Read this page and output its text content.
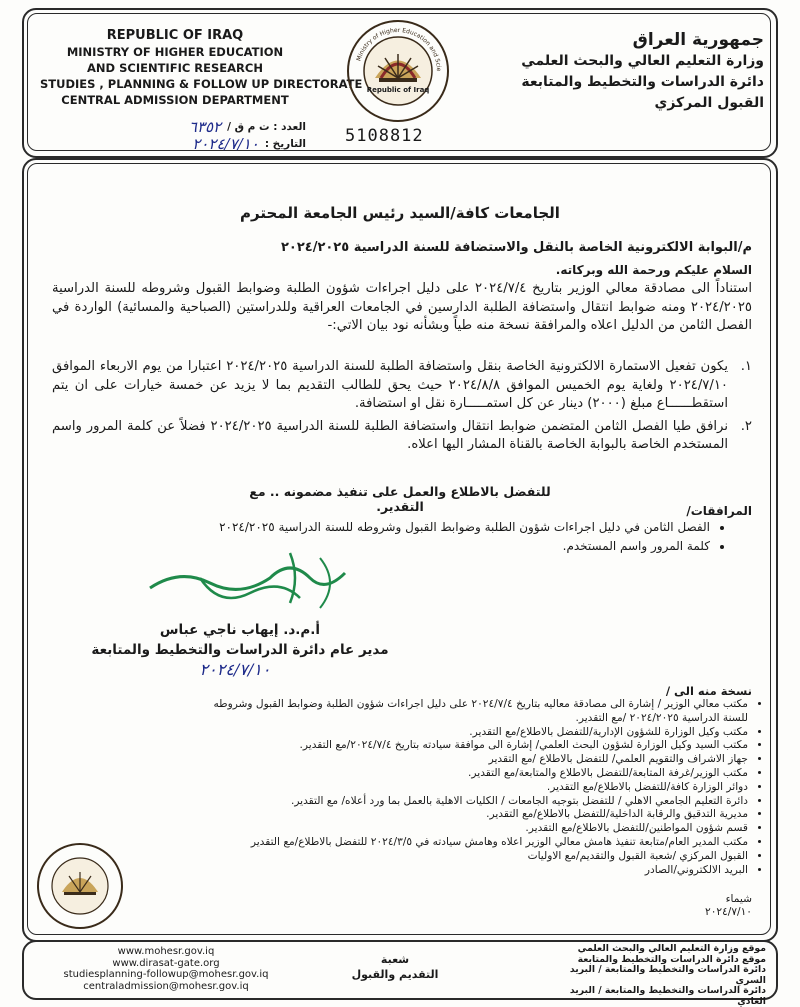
REPUBLIC OF IRAQ
MINISTRY OF HIGHER EDUCATION
AND SCIENTIFIC RESEARCH
STUDIES , PLANNING & FOLLOW UP DIRECTORATE
CENTRAL ADMISSION DEPARTMENT
Ministry of Higher Education and Scie
Republic of Iraq
جمهورية العراق
وزارة التعليم العالي والبحث العلمي
دائرة الدراسات والتخطيط والمتابعة
القبول المركزي
العدد : ت م ق /
٦٣٥٢
التاريخ :
٢٠٢٤/٧/١٠	5108812
الجامعات كافة/السيد رئيس الجامعة المحترم
م/البوابة الالكترونية الخاصة بالنقل والاستضافة للسنة الدراسية ٢٠٢٤/٢٠٢٥
السلام عليكم ورحمة الله وبركاته.
استناداً الى مصادقة معالي الوزير بتاريخ ٢٠٢٤/٧/٤ على دليل اجراءات شؤون الطلبة وضوابط القبول وشروطه للسنة الدراسية ٢٠٢٤/٢٠٢٥ ومنه ضوابط انتقال واستضافة الطلبة الدارسين في الجامعات العراقية وللدراستين (الصباحية والمسائية) الواردة في الفصل الثامن من الدليل اعلاه والمرافقة نسخة منه طياً وبشأنه نود بيان الاتي:-
١.
يكون تفعيل الاستمارة الالكترونية الخاصة بنقل واستضافة الطلبة للسنة الدراسية ٢٠٢٤/٢٠٢٥ اعتبارا من يوم الاربعاء الموافق ٢٠٢٤/٧/١٠ ولغاية يوم الخميس الموافق ٢٠٢٤/٨/٨ حيث يحق للطالب التقديم بما لا يزيد عن خمسة خيارات على ان يتم استقطــــــاع مبلغ (٢٠٠٠) دينار عن كل استمـــــارة نقل او استضافة.
٢.
نرافق طيا الفصل الثامن المتضمن ضوابط انتقال واستضافة الطلبة للسنة الدراسية ٢٠٢٤/٢٠٢٥ فضلاً عن كلمة المرور واسم المستخدم الخاصة بالبوابة الخاصة بالقناة المشار اليها اعلاه.
للتفضل بالاطلاع والعمل على تنفيذ مضمونه .. مع التقدير.	المرافقات/
• الفصل الثامن في دليل اجراءات شؤون الطلبة وضوابط القبول وشروطه للسنة الدراسية ٢٠٢٤/٢٠٢٥
• كلمة المرور واسم المستخدم.
أ.م.د. إيهاب ناجي عباس
مدير عام دائرة الدراسات والتخطيط والمتابعة
٢٠٢٤/٧/١٠
نسخة منه الى /
• مكتب معالي الوزير / إشارة الى مصادقة معاليه بتاريخ ٢٠٢٤/٧/٤ على دليل اجراءات شؤون الطلبة وضوابط القبول وشروطه
للسنة الدراسية ٢٠٢٤/٢٠٢٥ /مع التقدير.
• مكتب وكيل الوزارة للشؤون الإدارية/للتفضل بالاطلاع/مع التقدير.
• مكتب السيد وكيل الوزارة لشؤون البحث العلمي/ إشارة الى موافقة سيادته بتاريخ ٢٠٢٤/٧/٤/مع التقدير.
• جهاز الاشراف والتقويم العلمي/ للتفضل بالاطلاع /مع التقدير
• مكتب الوزير/غرفة المتابعة/للتفضل بالاطلاع والمتابعة/مع التقدير.
• دوائر الوزارة كافة/للتفضل بالاطلاع/مع التقدير.
• دائرة التعليم الجامعي الاهلي / للتفضل بتوجيه الجامعات / الكليات الاهلية بالعمل بما ورد أعلاه/ مع التقدير.
• مديرية التدقيق والرقابة الداخلية/للتفضل بالاطلاع/مع التقدير.
• قسم شؤون المواطنين/للتفضل بالاطلاع/مع التقدير.
• مكتب المدير العام/متابعة تنفيذ هامش معالي الوزير اعلاه وهامش سيادته في ٢٠٢٤/٣/٥ للتفضل بالاطلاع/مع التقدير
• القبول المركزي /شعبة القبول والتقديم/مع الاوليات
• البريد الالكتروني/الصادر
شيماء
٢٠٢٤/٧/١٠
www.mohesr.gov.iq
www.dirasat-gate.org
studiesplanning-followup@mohesr.gov.iq
centraladmission@mohesr.gov.iq
شعبة
التقديم والقبول
موقع وزارة التعليم العالي والبحث العلمي
موقع دائرة الدراسات والتخطيط والمتابعة
دائرة الدراسات والتخطيط والمتابعة / البريد السري
دائرة الدراسات والتخطيط والمتابعة / البريد العادي
